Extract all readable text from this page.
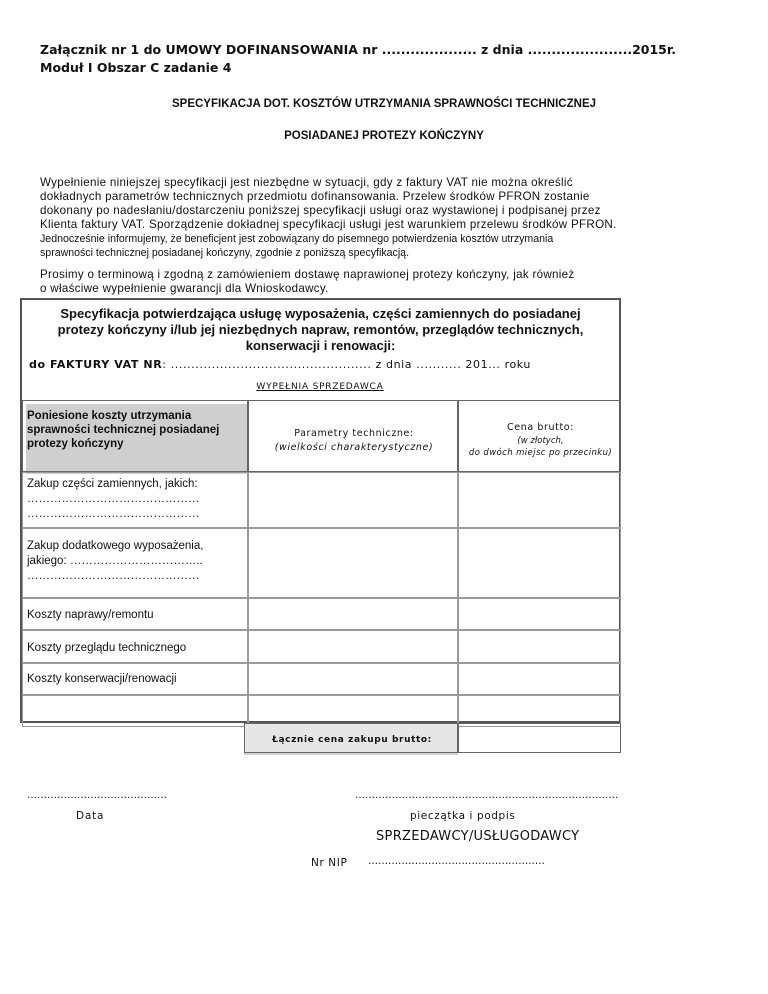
Załącznik nr 1 do UMOWY DOFINANSOWANIA nr .................... z dnia ......................2015r.
Moduł I Obszar C zadanie 4
SPECYFIKACJA DOT. KOSZTÓW UTRZYMANIA SPRAWNOŚCI TECHNICZNEJ
POSIADANEJ PROTEZY KOŃCZYNY
Wypełnienie niniejszej specyfikacji jest niezbędne w sytuacji, gdy z faktury VAT nie można określić
dokładnych parametrów technicznych przedmiotu dofinansowania. Przelew środków PFRON zostanie
dokonany po nadesłaniu/dostarczeniu poniższej specyfikacji usługi oraz wystawionej i podpisanej przez
Klienta faktury VAT. Sporządzenie dokładnej specyfikacji usługi jest warunkiem przelewu środków PFRON.
Jednocześnie informujemy, że beneficjent jest zobowiązany do pisemnego potwierdzenia kosztów utrzymania
sprawności technicznej posiadanej kończyny, zgodnie z poniższą specyfikacją.
Prosimy o terminową i zgodną z zamówieniem dostawę naprawionej protezy kończyny, jak również
o właściwe wypełnienie gwarancji dla Wnioskodawcy.
Specyfikacja potwierdzająca usługę wyposażenia, części zamiennych do posiadanej
protezy kończyny i/lub jej niezbędnych napraw, remontów, przeglądów technicznych,
konserwacji i renowacji:
do FAKTURY VAT NR: ................................................. z dnia ........... 201... roku
WYPEŁNIA SPRZEDAWCA
Poniesione koszty utrzymania sprawności technicznej posiadanej protezy kończyny
Parametry techniczne:
(wielkości charakterystyczne)
Cena brutto:
(w złotych,
do dwóch miejsc po przecinku)
Zakup części zamiennych, jakich:
………………………………………
………………………………………
Zakup dodatkowego wyposażenia,
jakiego: ……………………………..
………………………………………
Koszty naprawy/remontu
Koszty przeglądu technicznego
Koszty konserwacji/renowacji
Łącznie cena zakupu brutto:
……………………………………
Data
…………………………………………………………………….
pieczątka i podpis
SPRZEDAWCY/USŁUGODAWCY
Nr NIP .....................................................
